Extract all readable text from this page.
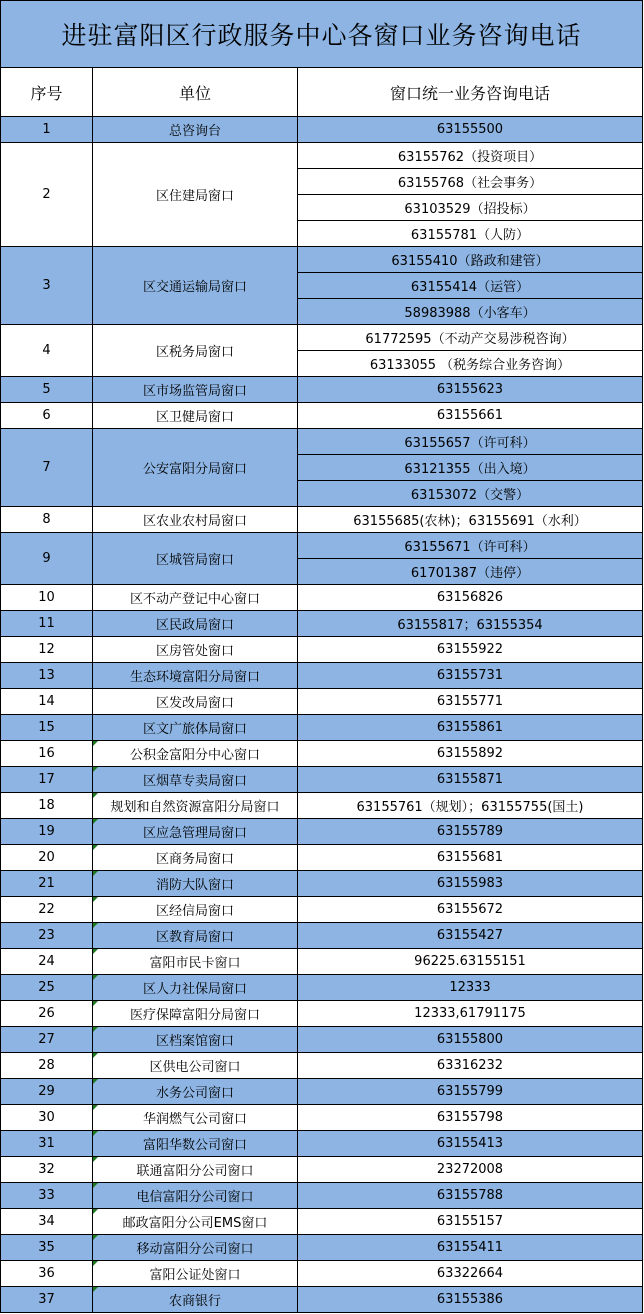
进驻富阳区行政服务中心各窗口业务咨询电话		
序号	单位	窗口统一业务咨询电话
1	总咨询台	63155500
2	区住建局窗口	63155762（投资项目）
		63155768（社会事务）
		63103529（招投标）
		63155781（人防）
3	区交通运输局窗口	63155410（路政和建管）
		63155414（运管）
		58983988（小客车）
4	区税务局窗口	61772595（不动产交易涉税咨询）
		63133055 （税务综合业务咨询）
5	区市场监管局窗口	63155623
6	区卫健局窗口	63155661
7	公安富阳分局窗口	63155657（许可科）
		63121355（出入境）
		63153072（交警）
8	区农业农村局窗口	63155685(农林)；63155691（水利）
9	区城管局窗口	63155671（许可科）
		61701387（违停）
10	区不动产登记中心窗口	63156826
11	区民政局窗口	63155817；63155354
12	区房管处窗口	63155922
13	生态环境富阳分局窗口	63155731
14	区发改局窗口	63155771
15	区文广旅体局窗口	63155861
16	公积金富阳分中心窗口	63155892
17	区烟草专卖局窗口	63155871
18	规划和自然资源富阳分局窗口	63155761（规划）；63155755(国土)
19	区应急管理局窗口	63155789
20	区商务局窗口	63155681
21	消防大队窗口	63155983
22	区经信局窗口	63155672
23	区教育局窗口	63155427
24	富阳市民卡窗口	96225.63155151
25	区人力社保局窗口	12333
26	医疗保障富阳分局窗口	12333,61791175
27	区档案馆窗口	63155800
28	区供电公司窗口	63316232
29	水务公司窗口	63155799
30	华润燃气公司窗口	63155798
31	富阳华数公司窗口	63155413
32	联通富阳分公司窗口	23272008
33	电信富阳分公司窗口	63155788
34	邮政富阳分公司EMS窗口	63155157
35	移动富阳分公司窗口	63155411
36	富阳公证处窗口	63322664
37	农商银行	63155386
